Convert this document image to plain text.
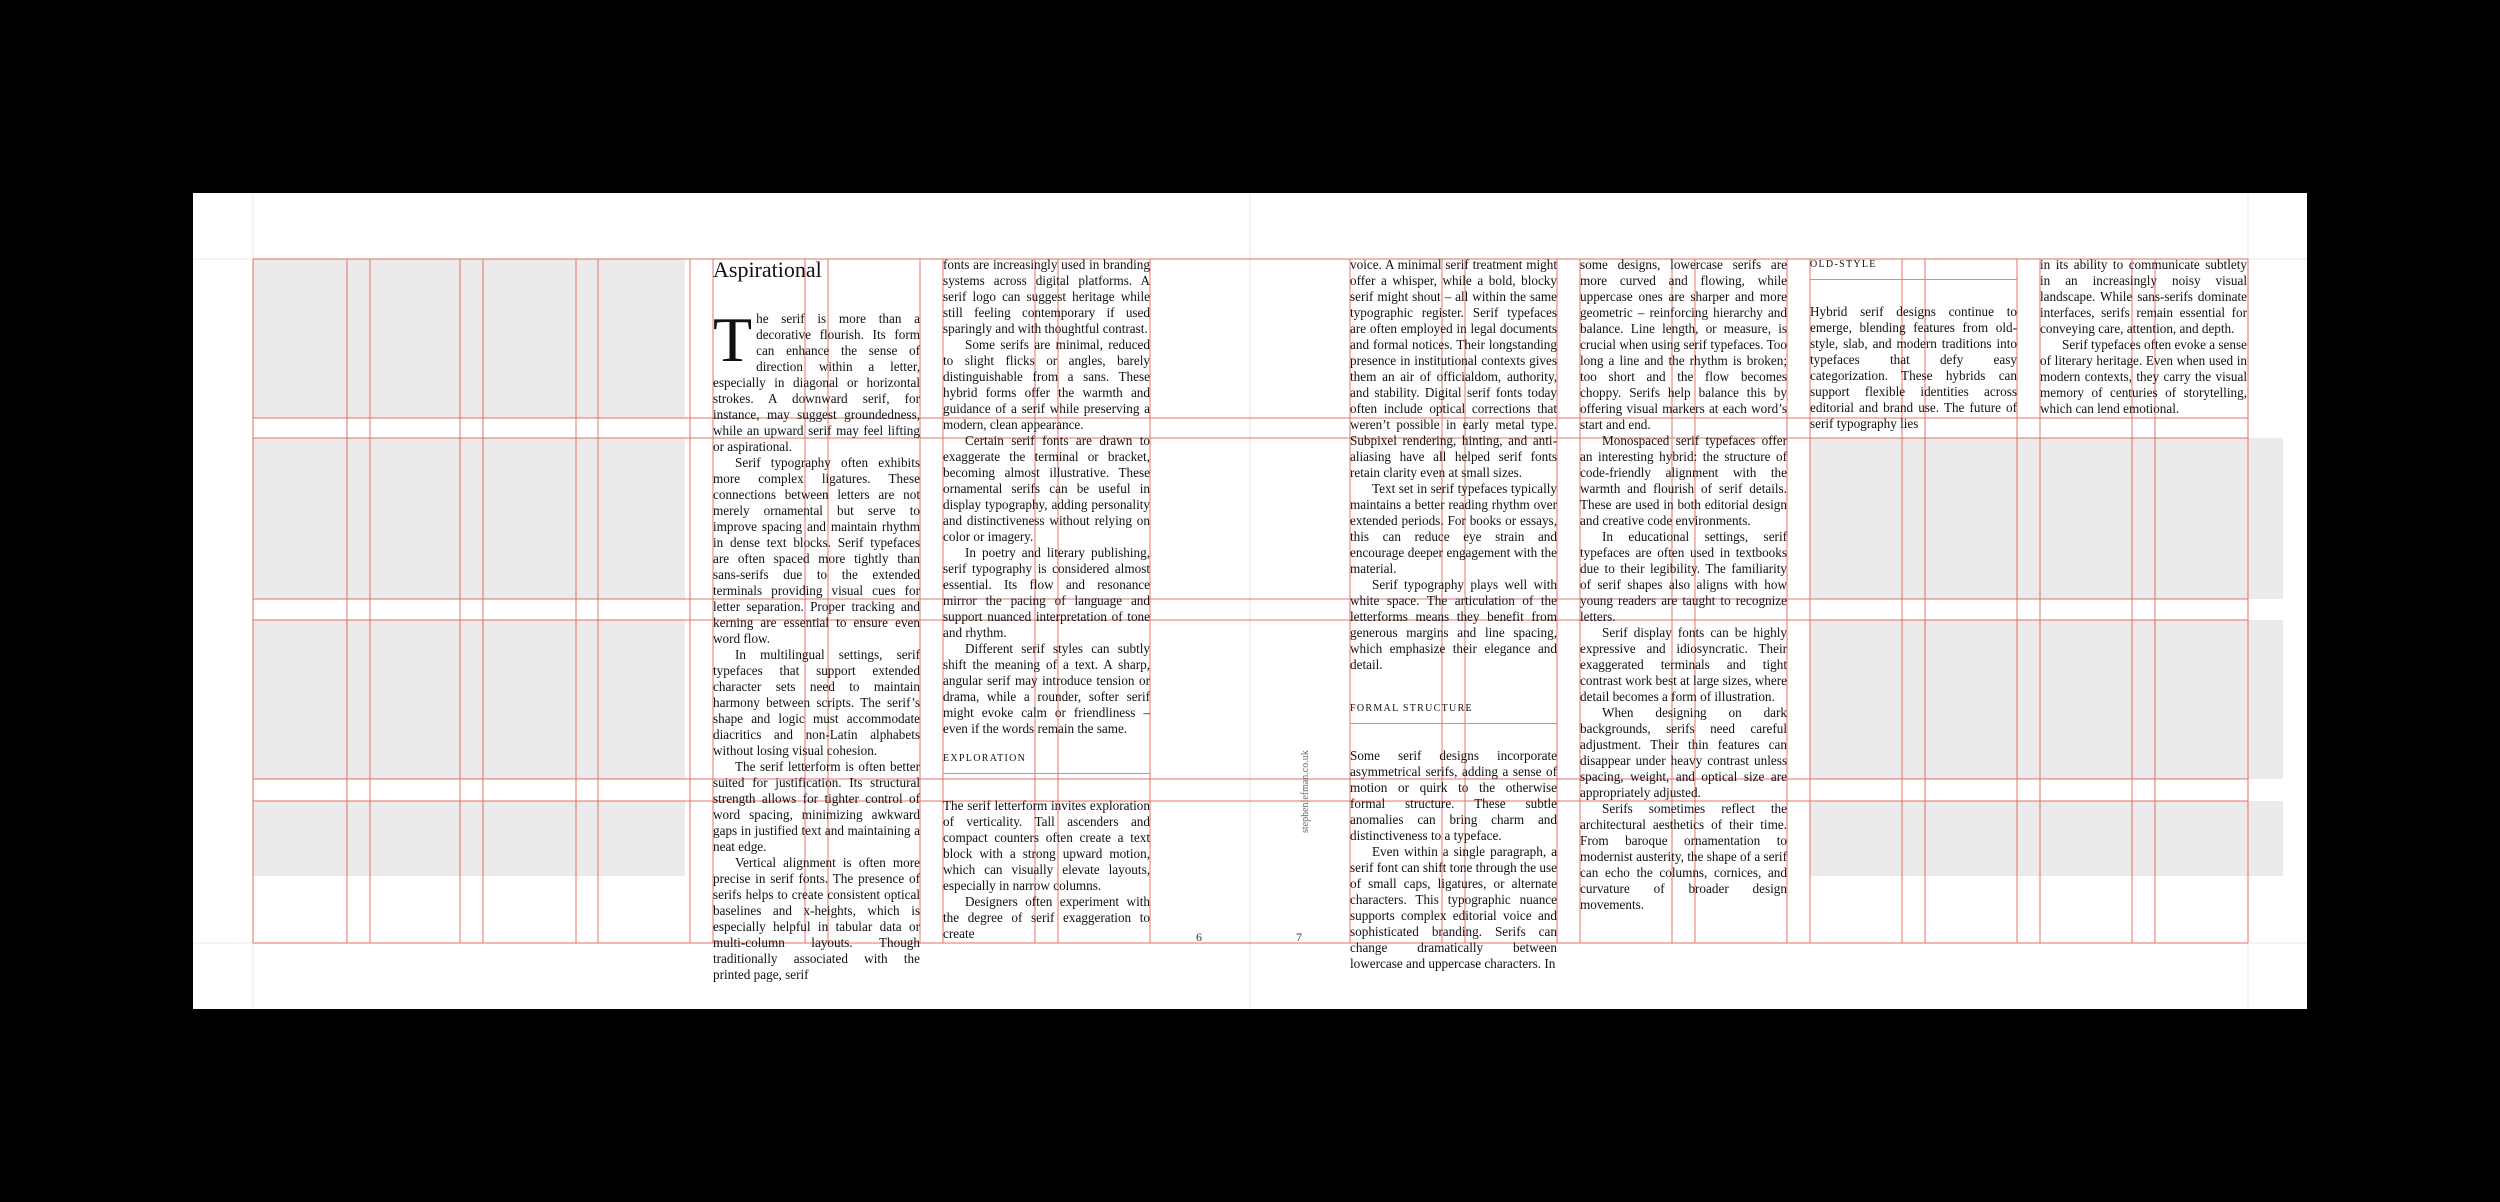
Aspirational

The serif is more than a decorative flourish. Its form can enhance the sense of direction within a letter, especially in diagonal or horizontal strokes. A downward serif, for instance, may suggest groundedness, while an upward serif may feel lifting or aspirational.

Serif typography often exhibits more complex ligatures. These connections between letters are not merely ornamental but serve to improve spacing and maintain rhythm in dense text blocks. Serif typefaces are often spaced more tightly than sans-serifs due to the extended terminals providing visual cues for letter separation. Proper tracking and kerning are essential to ensure even word flow.

In multilingual settings, serif typefaces that support extended character sets need to maintain harmony between scripts. The serif’s shape and logic must accommodate diacritics and non-Latin alphabets without losing visual cohesion.

The serif letterform is often better suited for justification. Its structural strength allows for tighter control of word spacing, minimizing awkward gaps in justified text and maintaining a neat edge.

Vertical alignment is often more precise in serif fonts. The presence of serifs helps to create consistent optical baselines and x-heights, which is especially helpful in tabular data or multi-column layouts. Though traditionally associated with the printed page, serif

fonts are increasingly used in branding systems across digital platforms. A serif logo can suggest heritage while still feeling contemporary if used sparingly and with thoughtful contrast.

Some serifs are minimal, reduced to slight flicks or angles, barely distinguishable from a sans. These hybrid forms offer the warmth and guidance of a serif while preserving a modern, clean appearance.

Certain serif fonts are drawn to exaggerate the terminal or bracket, becoming almost illustrative. These ornamental serifs can be useful in display typography, adding personality and distinctiveness without relying on color or imagery.

In poetry and literary publishing, serif typography is considered almost essential. Its flow and resonance mirror the pacing of language and support nuanced interpretation of tone and rhythm.

Different serif styles can subtly shift the meaning of a text. A sharp, angular serif may introduce tension or drama, while a rounder, softer serif might evoke calm or friendliness – even if the words remain the same.

EXPLORATION

The serif letterform invites exploration of verticality. Tall ascenders and compact counters often create a text block with a strong upward motion, which can visually elevate layouts, especially in narrow columns.

Designers often experiment with the degree of serif exaggeration to create	6	7
stephenlefman.co.uk

voice. A minimal serif treatment might offer a whisper, while a bold, blocky serif might shout – all within the same typographic register. Serif typefaces are often employed in legal documents and formal notices. Their longstanding presence in institutional contexts gives them an air of officialdom, authority, and stability. Digital serif fonts today often include optical corrections that weren’t possible in early metal type. Subpixel rendering, hinting, and anti-aliasing have all helped serif fonts retain clarity even at small sizes.

Text set in serif typefaces typically maintains a better reading rhythm over extended periods. For books or essays, this can reduce eye strain and encourage deeper engagement with the material.

Serif typography plays well with white space. The articulation of the letterforms means they benefit from generous margins and line spacing, which emphasize their elegance and detail.

FORMAL STRUCTURE

Some serif designs incorporate asymmetrical serifs, adding a sense of motion or quirk to the otherwise formal structure. These subtle anomalies can bring charm and distinctiveness to a typeface.

Even within a single paragraph, a serif font can shift tone through the use of small caps, ligatures, or alternate characters. This typographic nuance supports complex editorial voice and sophisticated branding. Serifs can change dramatically between lowercase and uppercase characters. In

some designs, lowercase serifs are more curved and flowing, while uppercase ones are sharper and more geometric – reinforcing hierarchy and balance. Line length, or measure, is crucial when using serif typefaces. Too long a line and the rhythm is broken; too short and the flow becomes choppy. Serifs help balance this by offering visual markers at each word’s start and end.

Monospaced serif typefaces offer an interesting hybrid: the structure of code-friendly alignment with the warmth and flourish of serif details. These are used in both editorial design and creative code environments.

In educational settings, serif typefaces are often used in textbooks due to their legibility. The familiarity of serif shapes also aligns with how young readers are taught to recognize letters.

Serif display fonts can be highly expressive and idiosyncratic. Their exaggerated terminals and tight contrast work best at large sizes, where detail becomes a form of illustration.

When designing on dark backgrounds, serifs need careful adjustment. Their thin features can disappear under heavy contrast unless spacing, weight, and optical size are appropriately adjusted.

Serifs sometimes reflect the architectural aesthetics of their time. From baroque ornamentation to modernist austerity, the shape of a serif can echo the columns, cornices, and curvature of broader design movements.

OLD-STYLE

Hybrid serif designs continue to emerge, blending features from old-style, slab, and modern traditions into typefaces that defy easy categorization. These hybrids can support flexible identities across editorial and brand use. The future of serif typography lies

in its ability to communicate subtlety in an increasingly noisy visual landscape. While sans-serifs dominate interfaces, serifs remain essential for conveying care, attention, and depth.

Serif typefaces often evoke a sense of literary heritage. Even when used in modern contexts, they carry the visual memory of centuries of storytelling, which can lend emotional.
